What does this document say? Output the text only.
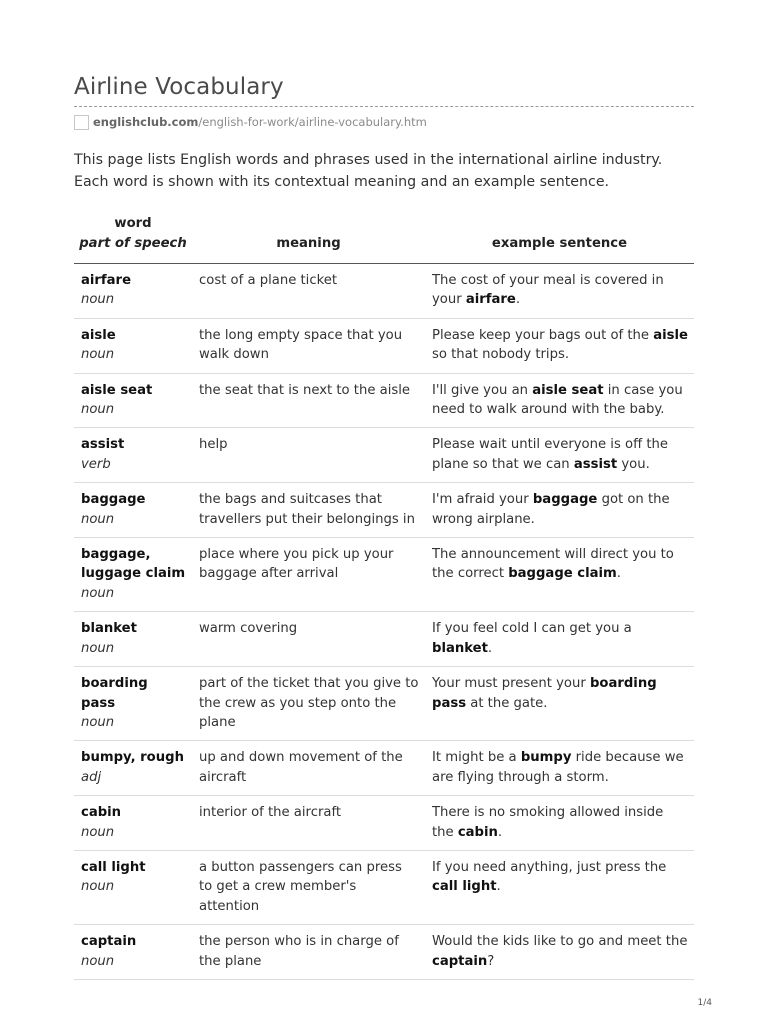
Airline Vocabulary
englishclub.com /english-for-work/airline-vocabulary.htm

This page lists English words and phrases used in the international airline industry. Each word is shown with its contextual meaning and an example sentence.

word
part of speech	meaning	example sentence
airfare
noun	cost of a plane ticket	The cost of your meal is covered in your airfare.
aisle
noun	the long empty space that you walk down	Please keep your bags out of the aisle so that nobody trips.
aisle seat
noun	the seat that is next to the aisle	I'll give you an aisle seat in case you need to walk around with the baby.
assist
verb	help	Please wait until everyone is off the plane so that we can assist you.
baggage
noun	the bags and suitcases that travellers put their belongings in	I'm afraid your baggage got on the wrong airplane.
baggage, luggage claim
noun	place where you pick up your baggage after arrival	The announcement will direct you to the correct baggage claim.
blanket
noun	warm covering	If you feel cold I can get you a blanket.
boarding pass
noun	part of the ticket that you give to the crew as you step onto the plane	Your must present your boarding pass at the gate.
bumpy, rough
adj	up and down movement of the aircraft	It might be a bumpy ride because we are flying through a storm.
cabin
noun	interior of the aircraft	There is no smoking allowed inside the cabin.
call light
noun	a button passengers can press to get a crew member's attention	If you need anything, just press the call light.
captain
noun	the person who is in charge of the plane	Would the kids like to go and meet the captain?
1/4
